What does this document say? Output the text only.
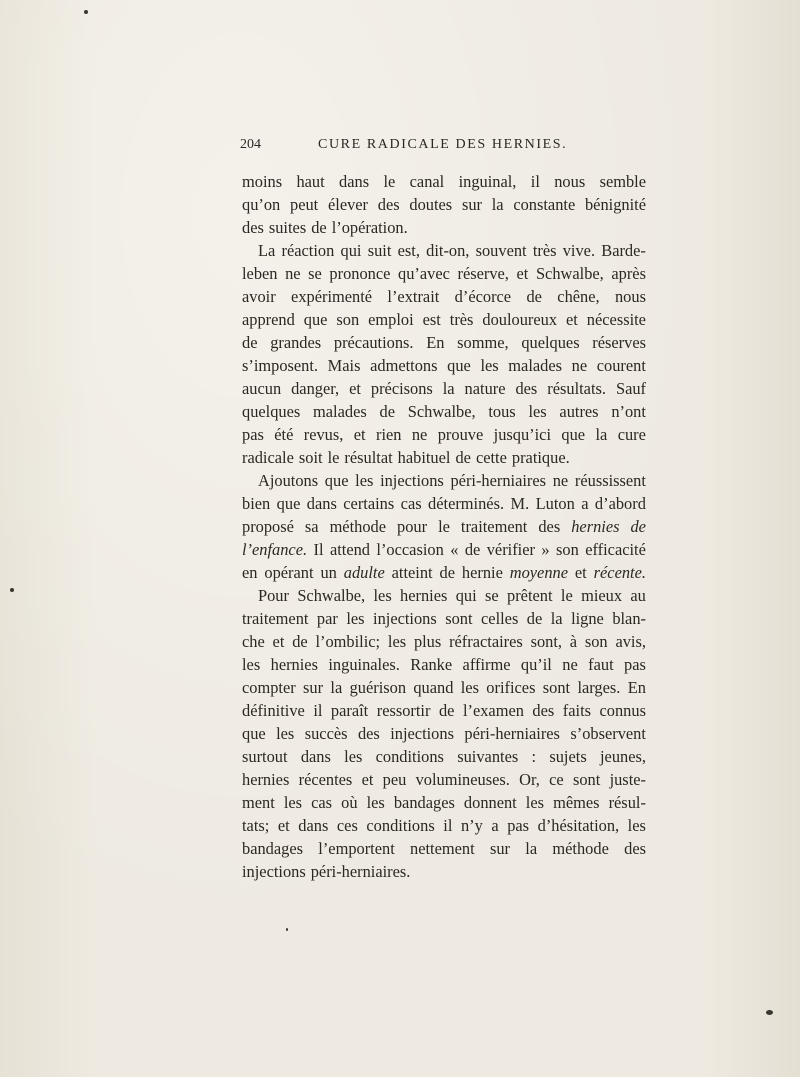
204	CURE RADICALE DES HERNIES.
moins haut dans le canal inguinal, il nous semble
qu’on peut élever des doutes sur la constante bénignité
des suites de l’opération.
La réaction qui suit est, dit-on, souvent très vive. Barde-
leben ne se prononce qu’avec réserve, et Schwalbe, après
avoir expérimenté l’extrait d’écorce de chêne, nous
apprend que son emploi est très douloureux et nécessite
de grandes précautions. En somme, quelques réserves
s’imposent. Mais admettons que les malades ne courent
aucun danger, et précisons la nature des résultats. Sauf
quelques malades de Schwalbe, tous les autres n’ont
pas été revus, et rien ne prouve jusqu’ici que la cure
radicale soit le résultat habituel de cette pratique.
Ajoutons que les injections péri-herniaires ne réussissent
bien que dans certains cas déterminés. M. Luton a d’abord
proposé sa méthode pour le traitement des hernies de
l’enfance. Il attend l’occasion « de vérifier » son efficacité
en opérant un adulte atteint de hernie moyenne et récente.
Pour Schwalbe, les hernies qui se prêtent le mieux au
traitement par les injections sont celles de la ligne blan-
che et de l’ombilic; les plus réfractaires sont, à son avis,
les hernies inguinales. Ranke affirme qu’il ne faut pas
compter sur la guérison quand les orifices sont larges. En
définitive il paraît ressortir de l’examen des faits connus
que les succès des injections péri-herniaires s’observent
surtout dans les conditions suivantes : sujets jeunes,
hernies récentes et peu volumineuses. Or, ce sont juste-
ment les cas où les bandages donnent les mêmes résul-
tats; et dans ces conditions il n’y a pas d’hésitation, les
bandages l’emportent nettement sur la méthode des
injections péri-herniaires.
